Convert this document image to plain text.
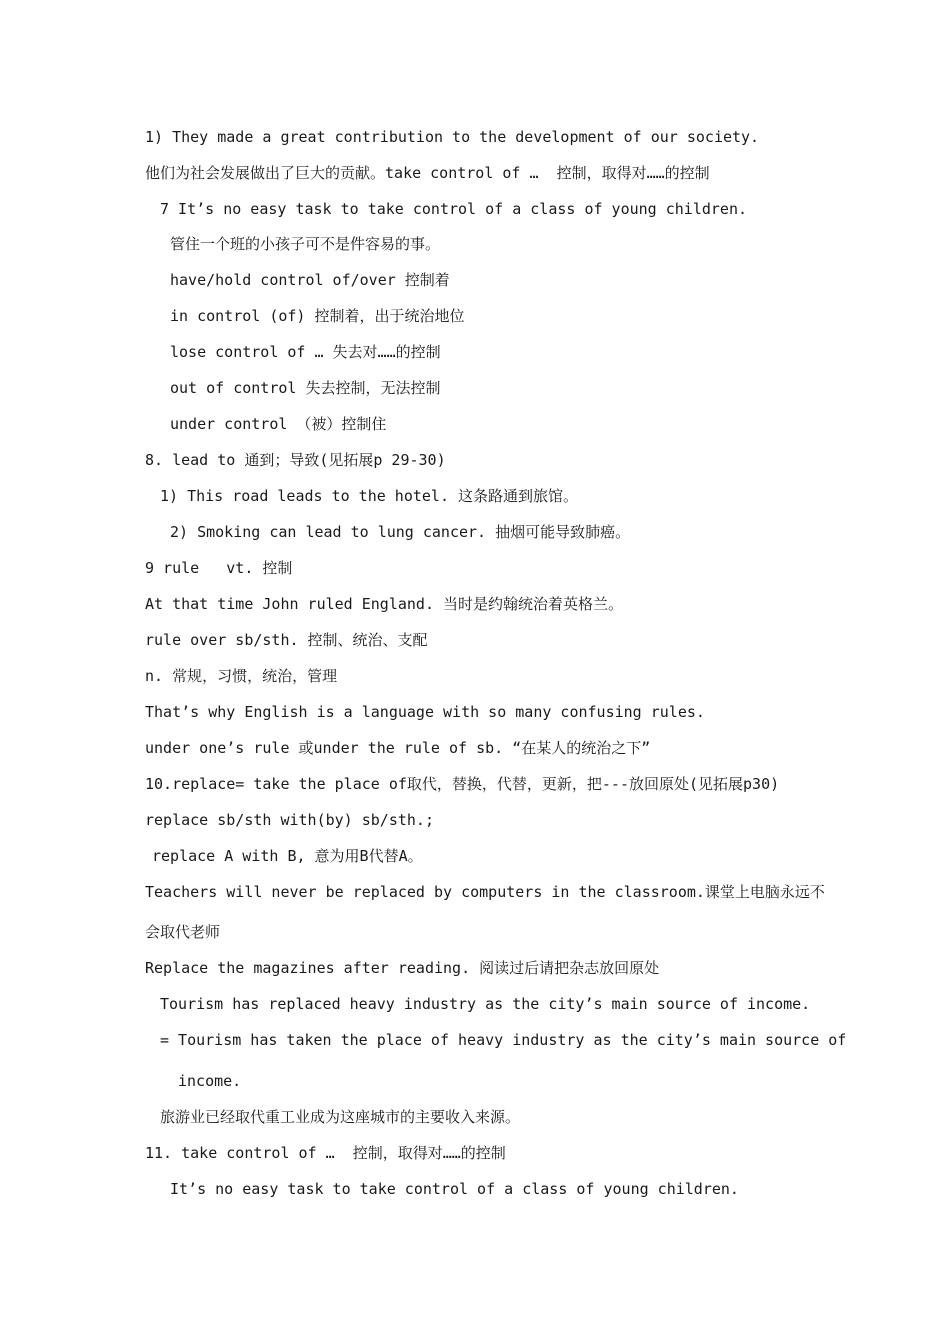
1) They made a great contribution to the development of our society.
他们为社会发展做出了巨大的贡献。take control of …  控制，取得对……的控制
7 It’s no easy task to take control of a class of young children.
管住一个班的小孩子可不是件容易的事。
have/hold control of/over 控制着
in control (of) 控制着，出于统治地位
lose control of … 失去对……的控制
out of control 失去控制，无法控制
under control （被）控制住
8. lead to 通到；导致(见拓展p 29-30)
1) This road leads to the hotel. 这条路通到旅馆。
2) Smoking can lead to lung cancer. 抽烟可能导致肺癌。
9 rule   vt. 控制
At that time John ruled England. 当时是约翰统治着英格兰。
rule over sb/sth. 控制、统治、支配
n. 常规，习惯，统治，管理
That’s why English is a language with so many confusing rules.
under one’s rule 或under the rule of sb. “在某人的统治之下”
10.replace= take the place of取代，替换，代替，更新，把---放回原处(见拓展p30)
replace sb/sth with(by) sb/sth.;
replace A with B, 意为用B代替A。
Teachers will never be replaced by computers in the classroom.课堂上电脑永远不
会取代老师
Replace the magazines after reading. 阅读过后请把杂志放回原处
Tourism has replaced heavy industry as the city’s main source of income.
= Tourism has taken the place of heavy industry as the city’s main source of
income.
旅游业已经取代重工业成为这座城市的主要收入来源。
11. take control of …  控制，取得对……的控制
It’s no easy task to take control of a class of young children.
